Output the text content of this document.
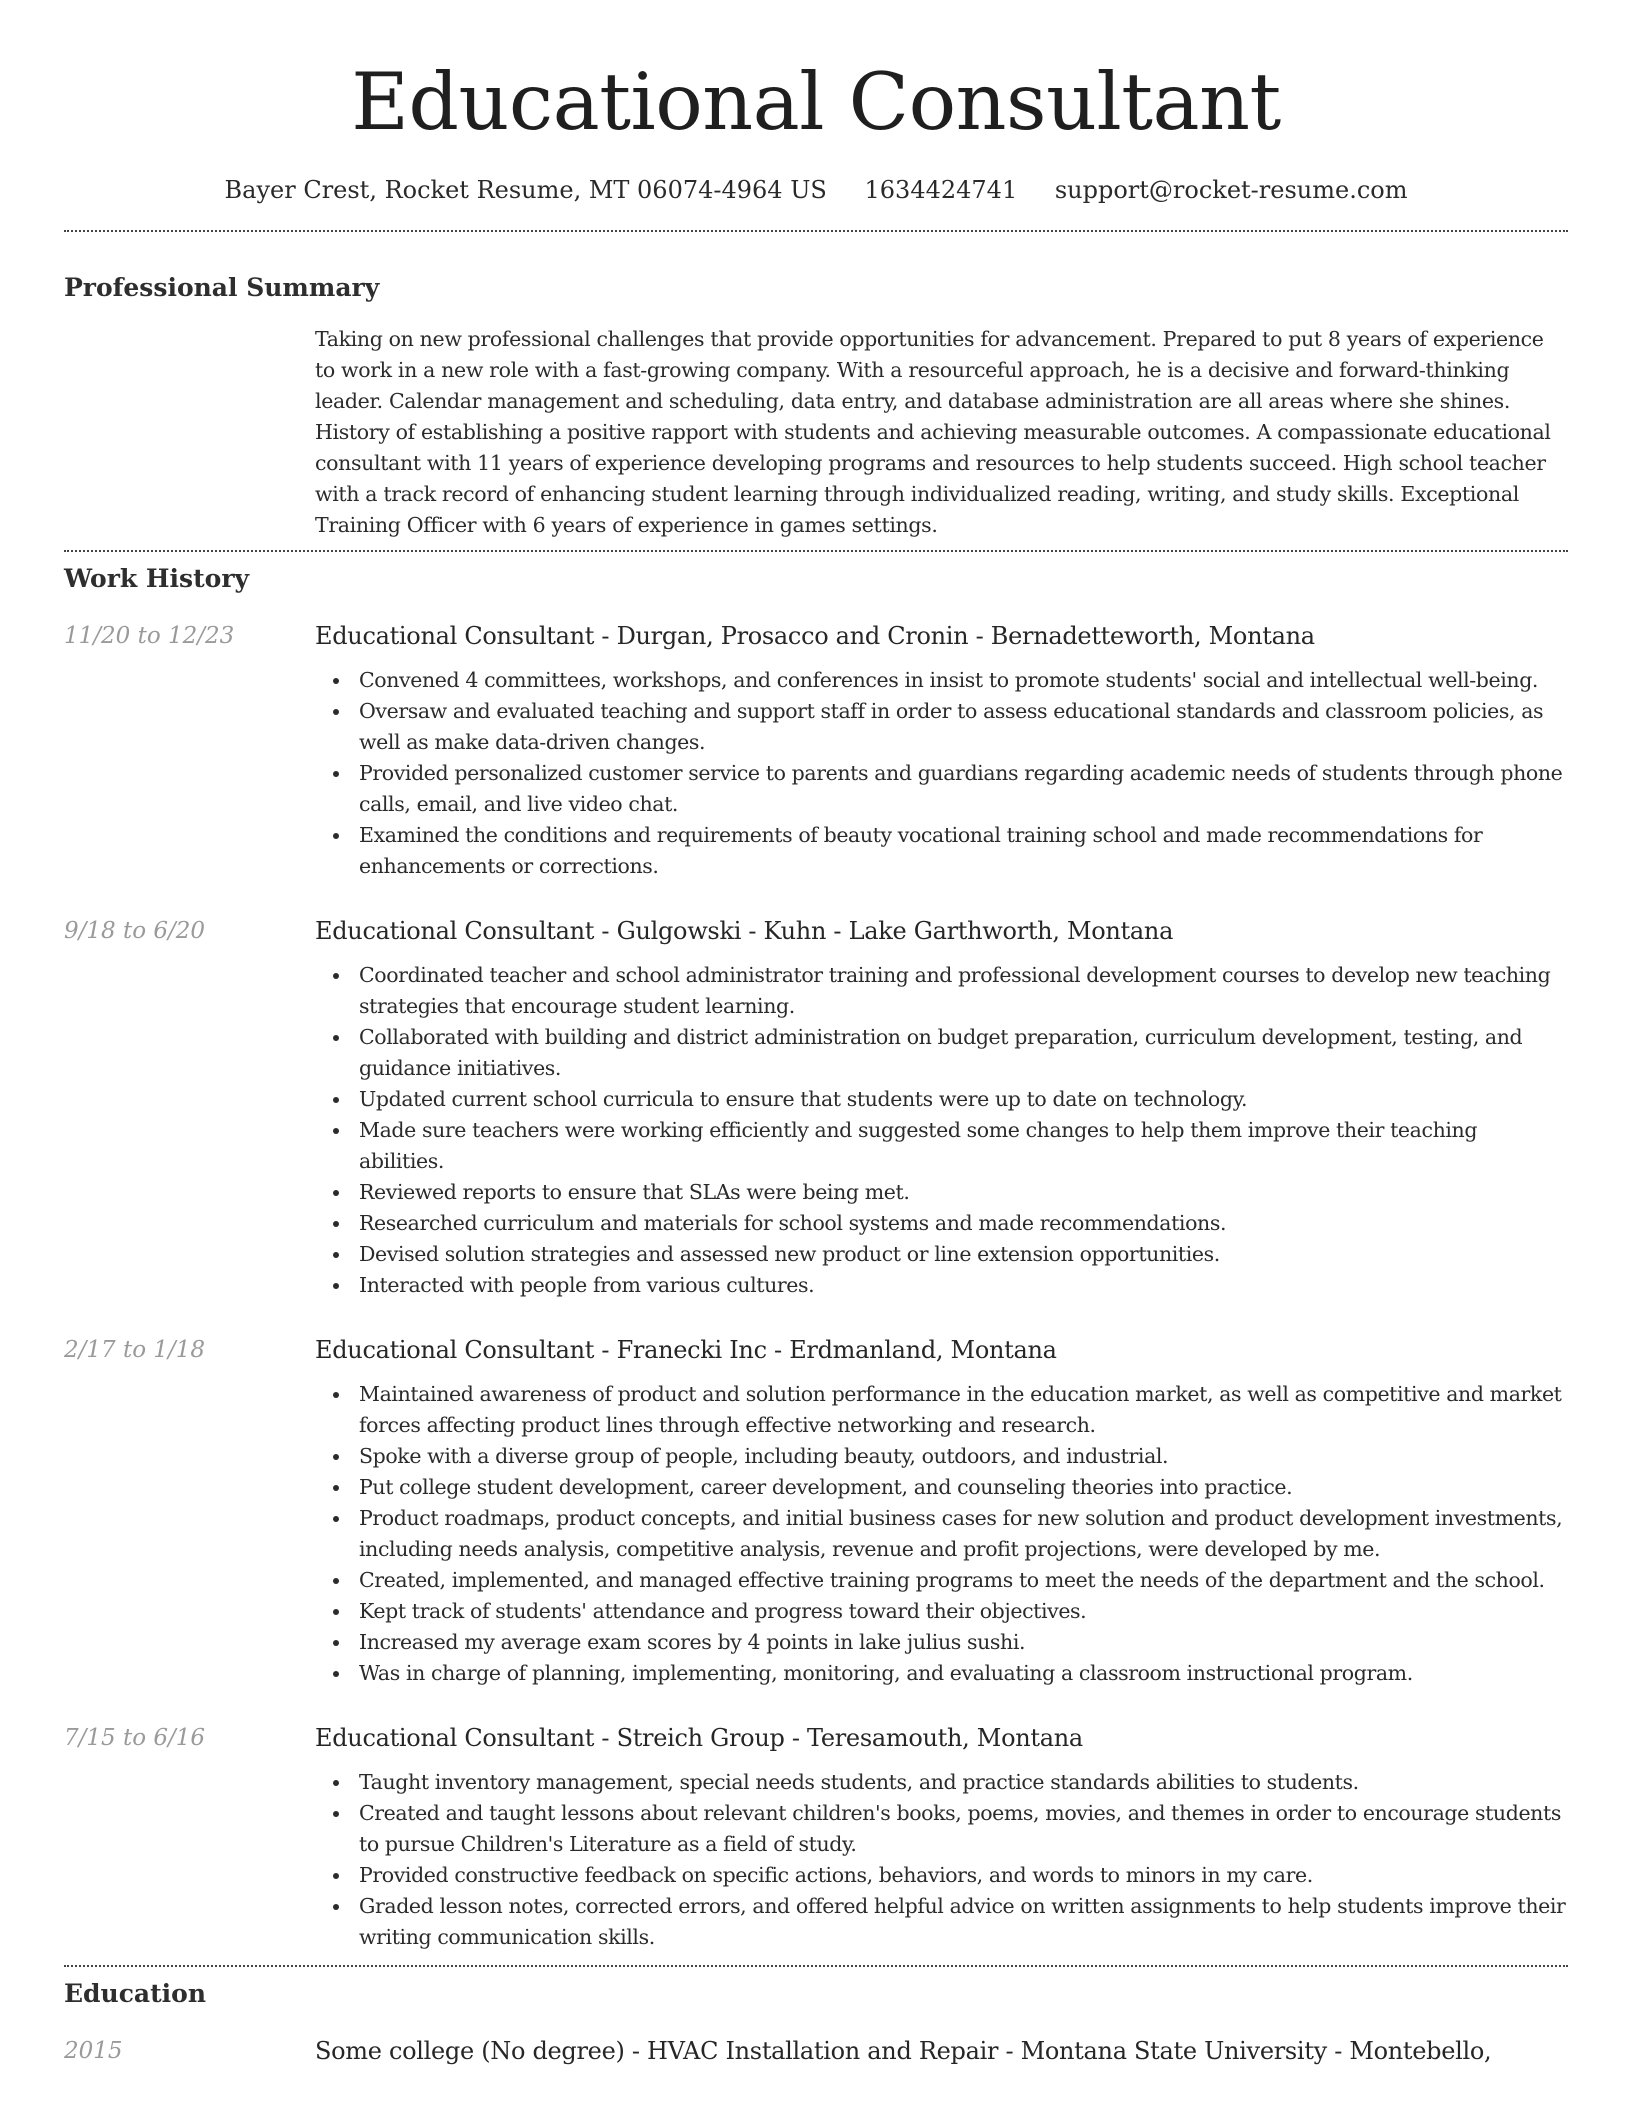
Educational Consultant
Bayer Crest, Rocket Resume, MT 06074-4964 US 1634424741 support@rocket-resume.com
Professional Summary
Taking on new professional challenges that provide opportunities for advancement. Prepared to put 8 years of experience to work in a new role with a fast-growing company. With a resourceful approach, he is a decisive and forward-thinking leader. Calendar management and scheduling, data entry, and database administration are all areas where she shines. History of establishing a positive rapport with students and achieving measurable outcomes. A compassionate educational consultant with 11 years of experience developing programs and resources to help students succeed. High school teacher with a track record of enhancing student learning through individualized reading, writing, and study skills. Exceptional Training Officer with 6 years of experience in games settings.
Work History
11/20 to 12/23	Educational Consultant - Durgan, Prosacco and Cronin - Bernadetteworth, Montana
Convened 4 committees, workshops, and conferences in insist to promote students' social and intellectual well-being.
Oversaw and evaluated teaching and support staff in order to assess educational standards and classroom policies, as well as make data-driven changes.
Provided personalized customer service to parents and guardians regarding academic needs of students through phone calls, email, and live video chat.
Examined the conditions and requirements of beauty vocational training school and made recommendations for enhancements or corrections.
9/18 to 6/20	Educational Consultant - Gulgowski - Kuhn - Lake Garthworth, Montana
Coordinated teacher and school administrator training and professional development courses to develop new teaching strategies that encourage student learning.
Collaborated with building and district administration on budget preparation, curriculum development, testing, and guidance initiatives.
Updated current school curricula to ensure that students were up to date on technology.
Made sure teachers were working efficiently and suggested some changes to help them improve their teaching abilities.
Reviewed reports to ensure that SLAs were being met.
Researched curriculum and materials for school systems and made recommendations.
Devised solution strategies and assessed new product or line extension opportunities.
Interacted with people from various cultures.
2/17 to 1/18	Educational Consultant - Franecki Inc - Erdmanland, Montana
Maintained awareness of product and solution performance in the education market, as well as competitive and market forces affecting product lines through effective networking and research.
Spoke with a diverse group of people, including beauty, outdoors, and industrial.
Put college student development, career development, and counseling theories into practice.
Product roadmaps, product concepts, and initial business cases for new solution and product development investments, including needs analysis, competitive analysis, revenue and profit projections, were developed by me.
Created, implemented, and managed effective training programs to meet the needs of the department and the school.
Kept track of students' attendance and progress toward their objectives.
Increased my average exam scores by 4 points in lake julius sushi.
Was in charge of planning, implementing, monitoring, and evaluating a classroom instructional program.
7/15 to 6/16	Educational Consultant - Streich Group - Teresamouth, Montana
Taught inventory management, special needs students, and practice standards abilities to students.
Created and taught lessons about relevant children's books, poems, movies, and themes in order to encourage students to pursue Children's Literature as a field of study.
Provided constructive feedback on specific actions, behaviors, and words to minors in my care.
Graded lesson notes, corrected errors, and offered helpful advice on written assignments to help students improve their writing communication skills.
Education
2015	Some college (No degree) - HVAC Installation and Repair - Montana State University - Montebello,
